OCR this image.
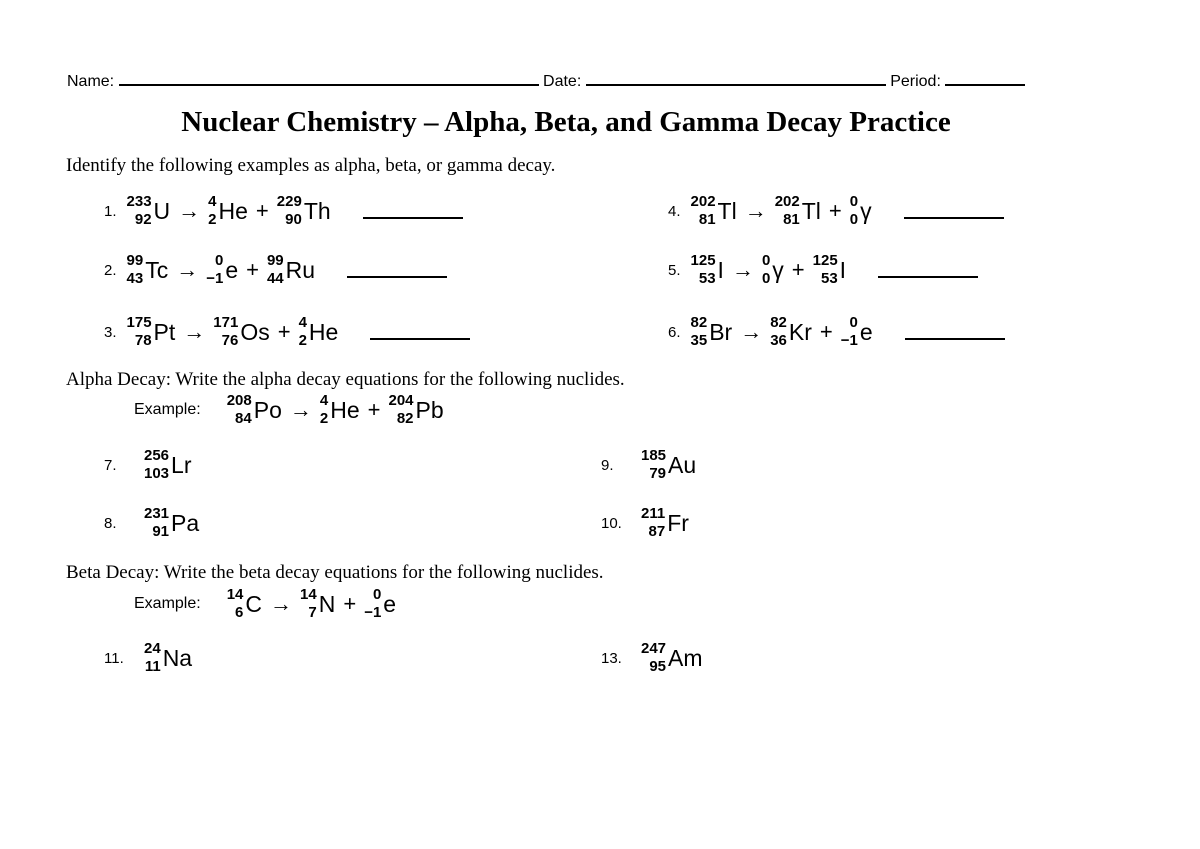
Name:	Date:	Period:
Nuclear Chemistry – Alpha, Beta, and Gamma Decay Practice
Identify the following examples as alpha, beta, or gamma decay.
1.
233
92 U → 4
2 He + 229
90 Th
2.
99
43 Tc → 0
−1 e + 99
44 Ru
3.
175
78 Pt → 171
76 Os + 4
2 He
4.
202
81 Tl → 202
81 Tl + 0
0 γ
5.
125
53 I → 0
0 γ + 125
53 I
6.
82
35 Br → 82
36 Kr + 0
−1 e
Alpha Decay: Write the alpha decay equations for the following nuclides.
Example:
208
84 Po → 4
2 He + 204
82 Pb
7.
256
103 Lr
8.
231
91 Pa
9.
185
79 Au
10.
211
87 Fr
Beta Decay: Write the beta decay equations for the following nuclides.
Example:
14
6 C → 14
7 N + 0
−1 e
11.
24
11 Na	13.
247
95 Am
